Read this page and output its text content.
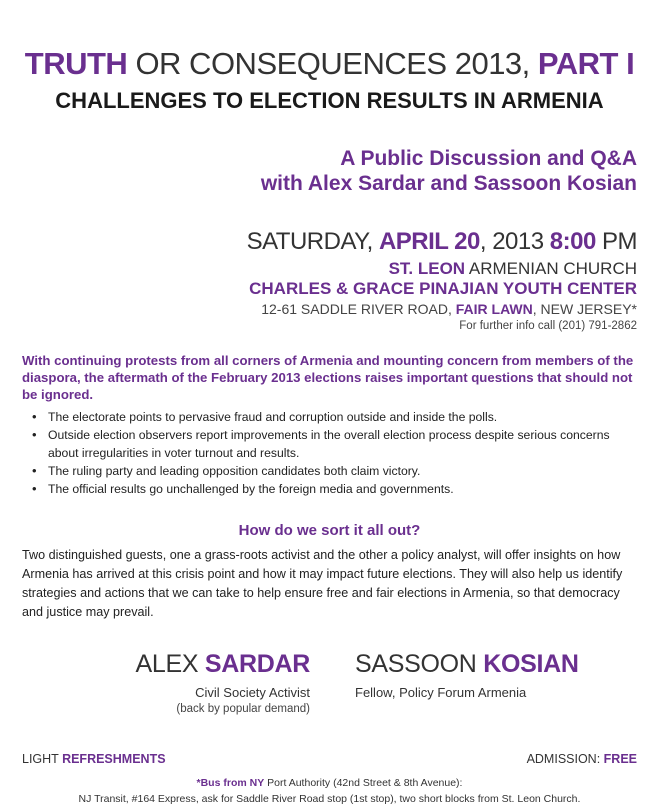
TRUTH OR CONSEQUENCES 2013, PART I
CHALLENGES TO ELECTION RESULTS IN ARMENIA
A Public Discussion and Q&A
with Alex Sardar and Sassoon Kosian
SATURDAY, APRIL 20, 2013 8:00 PM
ST. LEON ARMENIAN CHURCH
CHARLES & GRACE PINAJIAN YOUTH CENTER
12-61 SADDLE RIVER ROAD, FAIR LAWN, NEW JERSEY*
For further info call (201) 791-2862
With continuing protests from all corners of Armenia and mounting concern from members of the diaspora, the aftermath of the February 2013 elections raises important questions that should not be ignored.
• The electorate points to pervasive fraud and corruption outside and inside the polls.
• Outside election observers report improvements in the overall election process despite serious concerns about irregularities in voter turnout and results.
• The ruling party and leading opposition candidates both claim victory.
• The official results go unchallenged by the foreign media and governments.
How do we sort it all out?
Two distinguished guests, one a grass-roots activist and the other a policy analyst, will offer insights on how Armenia has arrived at this crisis point and how it may impact future elections. They will also help us identify strategies and actions that we can take to help ensure free and fair elections in Armenia, so that democracy and justice may prevail.
ALEX SARDAR
Civil Society Activist
(back by popular demand)
SASSOON KOSIAN
Fellow, Policy Forum Armenia
LIGHT REFRESHMENTS	ADMISSION: FREE
*Bus from NY Port Authority (42nd Street & 8th Avenue):
NJ Transit, #164 Express, ask for Saddle River Road stop (1st stop), two short blocks from St. Leon Church.
